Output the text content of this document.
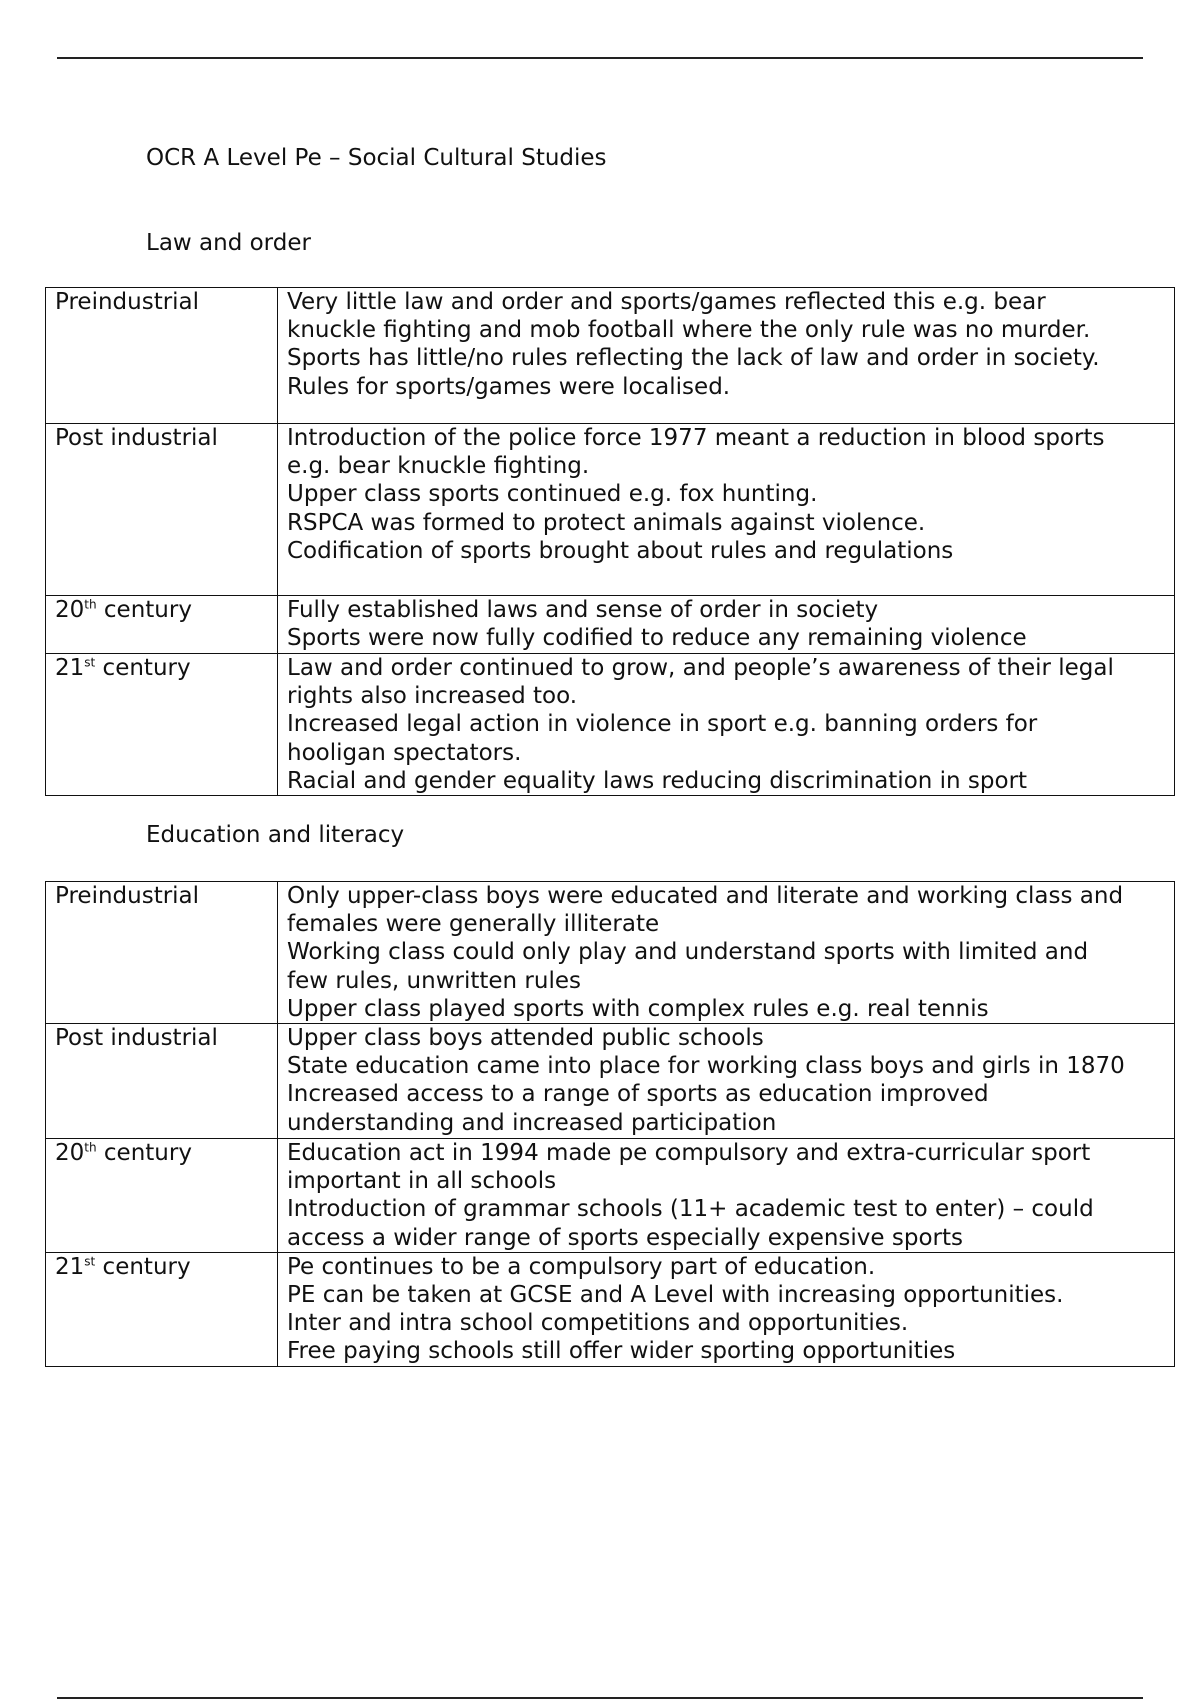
OCR A Level Pe – Social Cultural Studies
Law and order
Preindustrial	Very little law and order and sports/games reflected this e.g. bear
knuckle fighting and mob football where the only rule was no murder.
Sports has little/no rules reflecting the lack of law and order in society.
Rules for sports/games were localised.

Post industrial	Introduction of the police force 1977 meant a reduction in blood sports
e.g. bear knuckle fighting.
Upper class sports continued e.g. fox hunting.
RSPCA was formed to protect animals against violence.
Codification of sports brought about rules and regulations

20th century	Fully established laws and sense of order in society
Sports were now fully codified to reduce any remaining violence

21st century	Law and order continued to grow, and people’s awareness of their legal
rights also increased too.
Increased legal action in violence in sport e.g. banning orders for
hooligan spectators.
Racial and gender equality laws reducing discrimination in sport
Education and literacy
Preindustrial	Only upper-class boys were educated and literate and working class and
females were generally illiterate
Working class could only play and understand sports with limited and
few rules, unwritten rules
Upper class played sports with complex rules e.g. real tennis

Post industrial	Upper class boys attended public schools
State education came into place for working class boys and girls in 1870
Increased access to a range of sports as education improved
understanding and increased participation

20th century	Education act in 1994 made pe compulsory and extra-curricular sport
important in all schools
Introduction of grammar schools (11+ academic test to enter) – could
access a wider range of sports especially expensive sports

21st century	Pe continues to be a compulsory part of education.
PE can be taken at GCSE and A Level with increasing opportunities.
Inter and intra school competitions and opportunities.
Free paying schools still offer wider sporting opportunities
